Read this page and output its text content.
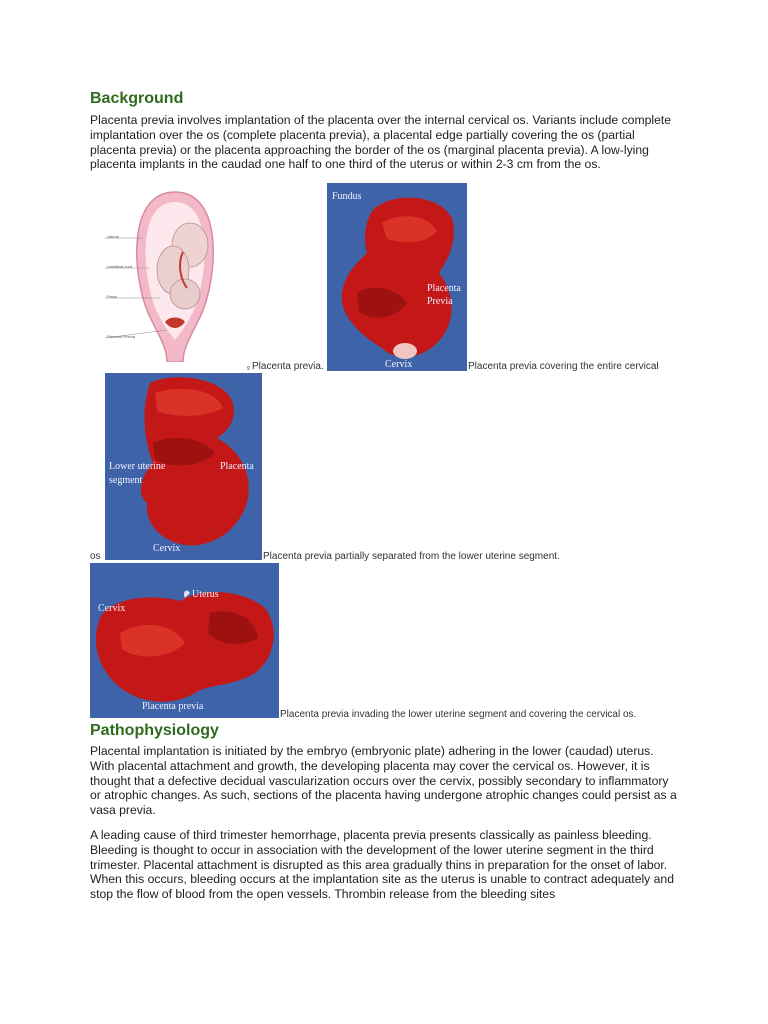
Background

Placenta previa involves implantation of the placenta over the internal cervical os. Variants include complete implantation over the os (complete placenta previa), a placental edge partially covering the os (partial placenta previa) or the placenta approaching the border of the os (marginal placenta previa). A low-lying placenta implants in the caudad one half to one third of the uterus or within 2-3 cm from the os.

Uterus
Umbilical cord
Fetus
Placenta Previa
9 Placenta previa.
Fundus
Placenta
Previa
Cervix	Placenta previa covering the entire cervical
os
Lower uterine
segment
Placenta
Cervix
Placenta previa partially separated from the lower uterine segment.
Cervix
Uterus
Placenta previa
Placenta previa invading the lower uterine segment and covering the cervical os.
Pathophysiology

Placental implantation is initiated by the embryo (embryonic plate) adhering in the lower (caudad) uterus. With placental attachment and growth, the developing placenta may cover the cervical os. However, it is thought that a defective decidual vascularization occurs over the cervix, possibly secondary to inflammatory or atrophic changes. As such, sections of the placenta having undergone atrophic changes could persist as a vasa previa.

A leading cause of third trimester hemorrhage, placenta previa presents classically as painless bleeding. Bleeding is thought to occur in association with the development of the lower uterine segment in the third trimester. Placental attachment is disrupted as this area gradually thins in preparation for the onset of labor. When this occurs, bleeding occurs at the implantation site as the uterus is unable to contract adequately and stop the flow of blood from the open vessels. Thrombin release from the bleeding sites
